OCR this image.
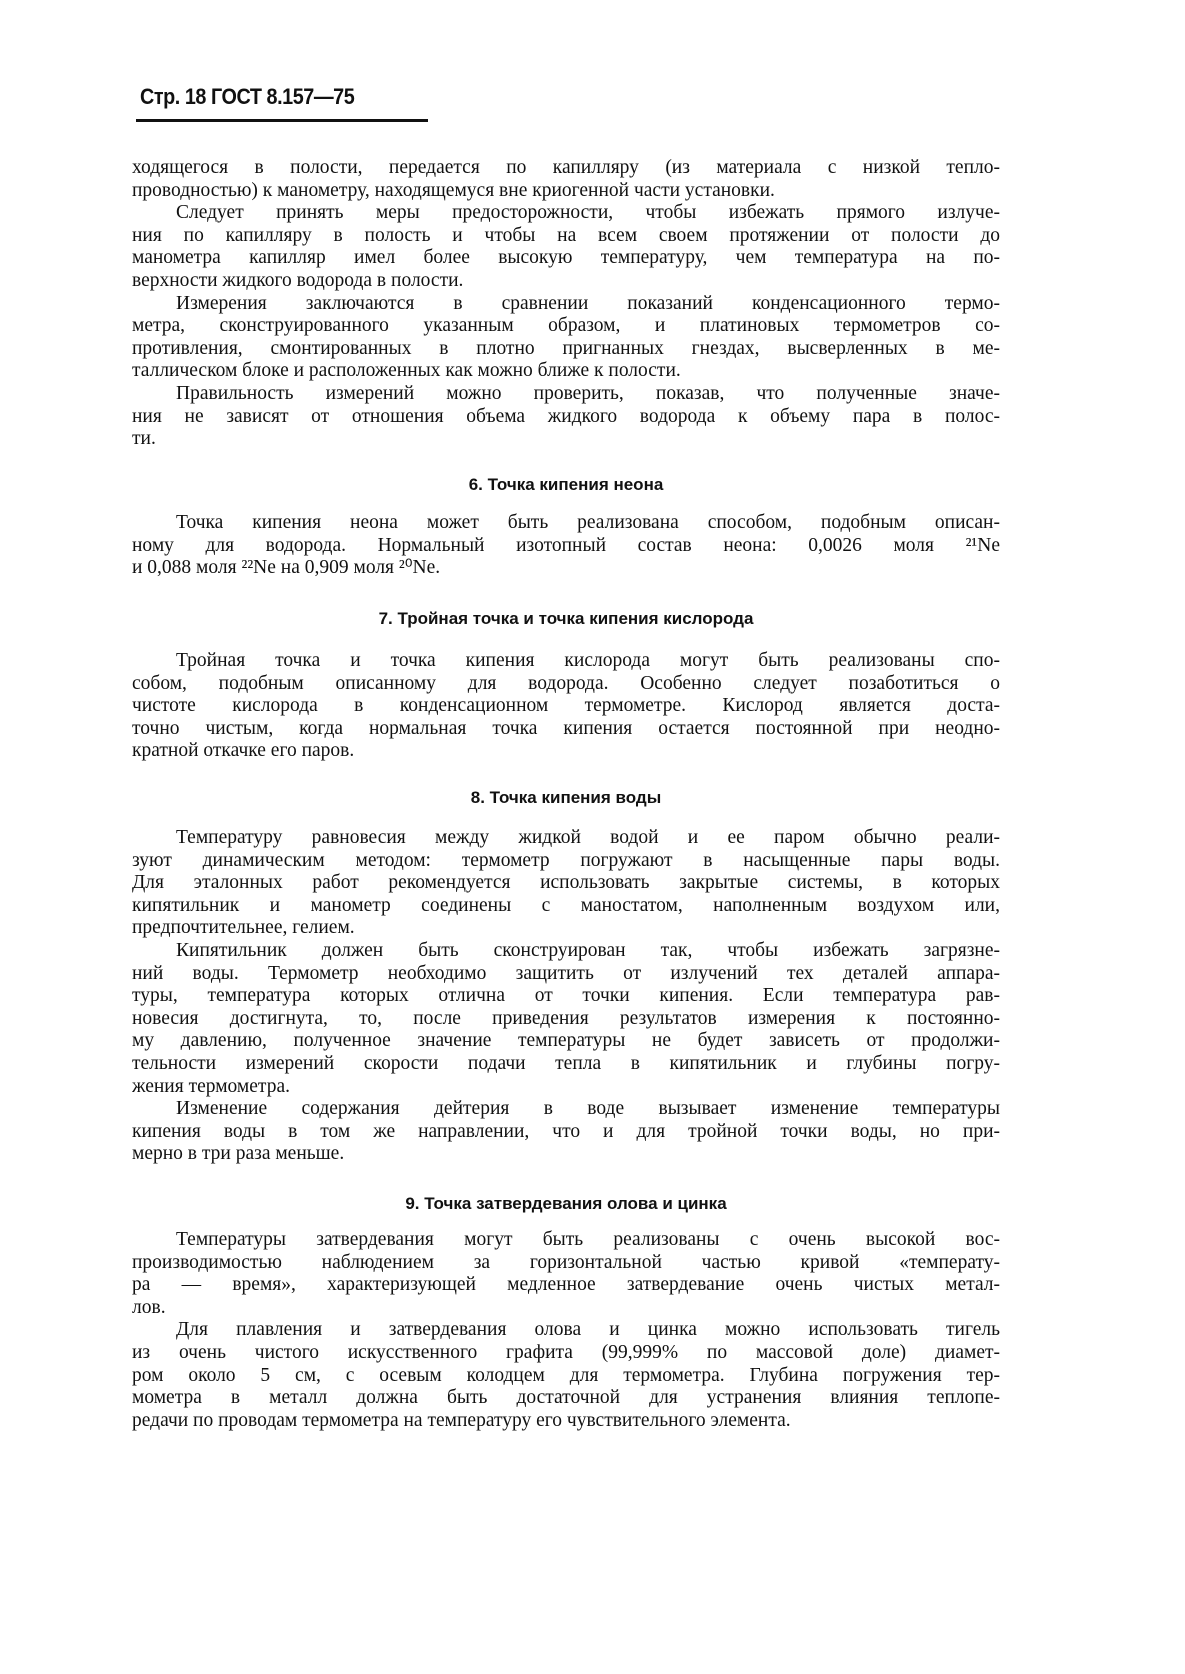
Стр. 18 ГОСТ 8.157—75
ходящегося в полости, передается по капилляру (из материала с низкой тепло-
проводностью) к манометру, находящемуся вне криогенной части установки.
Следует принять меры предосторожности, чтобы избежать прямого излуче-
ния по капилляру в полость и чтобы на всем своем протяжении от полости до
манометра капилляр имел более высокую температуру, чем температура на по-
верхности жидкого водорода в полости.
Измерения заключаются в сравнении показаний конденсационного термо-
метра, сконструированного указанным образом, и платиновых термометров со-
противления, смонтированных в плотно пригнанных гнездах, высверленных в ме-
таллическом блоке и расположенных как можно ближе к полости.
Правильность измерений можно проверить, показав, что полученные значе-
ния не зависят от отношения объема жидкого водорода к объему пара в полос-
ти.
6. Точка кипения неона
Точка кипения неона может быть реализована способом, подобным описан-
ному для водорода. Нормальный изотопный состав неона: 0,0026 моля ²¹Ne
и 0,088 моля ²²Ne на 0,909 моля ²⁰Ne.
7. Тройная точка и точка кипения кислорода
Тройная точка и точка кипения кислорода могут быть реализованы спо-
собом, подобным описанному для водорода. Особенно следует позаботиться о
чистоте кислорода в конденсационном термометре. Кислород является доста-
точно чистым, когда нормальная точка кипения остается постоянной при неодно-
кратной откачке его паров.
8. Точка кипения воды
Температуру равновесия между жидкой водой и ее паром обычно реали-
зуют динамическим методом: термометр погружают в насыщенные пары воды.
Для эталонных работ рекомендуется использовать закрытые системы, в которых
кипятильник и манометр соединены с маностатом, наполненным воздухом или,
предпочтительнее, гелием.
Кипятильник должен быть сконструирован так, чтобы избежать загрязне-
ний воды. Термометр необходимо защитить от излучений тех деталей аппара-
туры, температура которых отлична от точки кипения. Если температура рав-
новесия достигнута, то, после приведения результатов измерения к постоянно-
му давлению, полученное значение температуры не будет зависеть от продолжи-
тельности измерений скорости подачи тепла в кипятильник и глубины погру-
жения термометра.
Изменение содержания дейтерия в воде вызывает изменение температуры
кипения воды в том же направлении, что и для тройной точки воды, но при-
мерно в три раза меньше.
9. Точка затвердевания олова и цинка
Температуры затвердевания могут быть реализованы с очень высокой вос-
производимостью наблюдением за горизонтальной частью кривой «температу-
ра — время», характеризующей медленное затвердевание очень чистых метал-
лов.
Для плавления и затвердевания олова и цинка можно использовать тигель
из очень чистого искусственного графита (99,999% по массовой доле) диамет-
ром около 5 см, с осевым колодцем для термометра. Глубина погружения тер-
мометра в металл должна быть достаточной для устранения влияния теплопе-
редачи по проводам термометра на температуру его чувствительного элемента.
